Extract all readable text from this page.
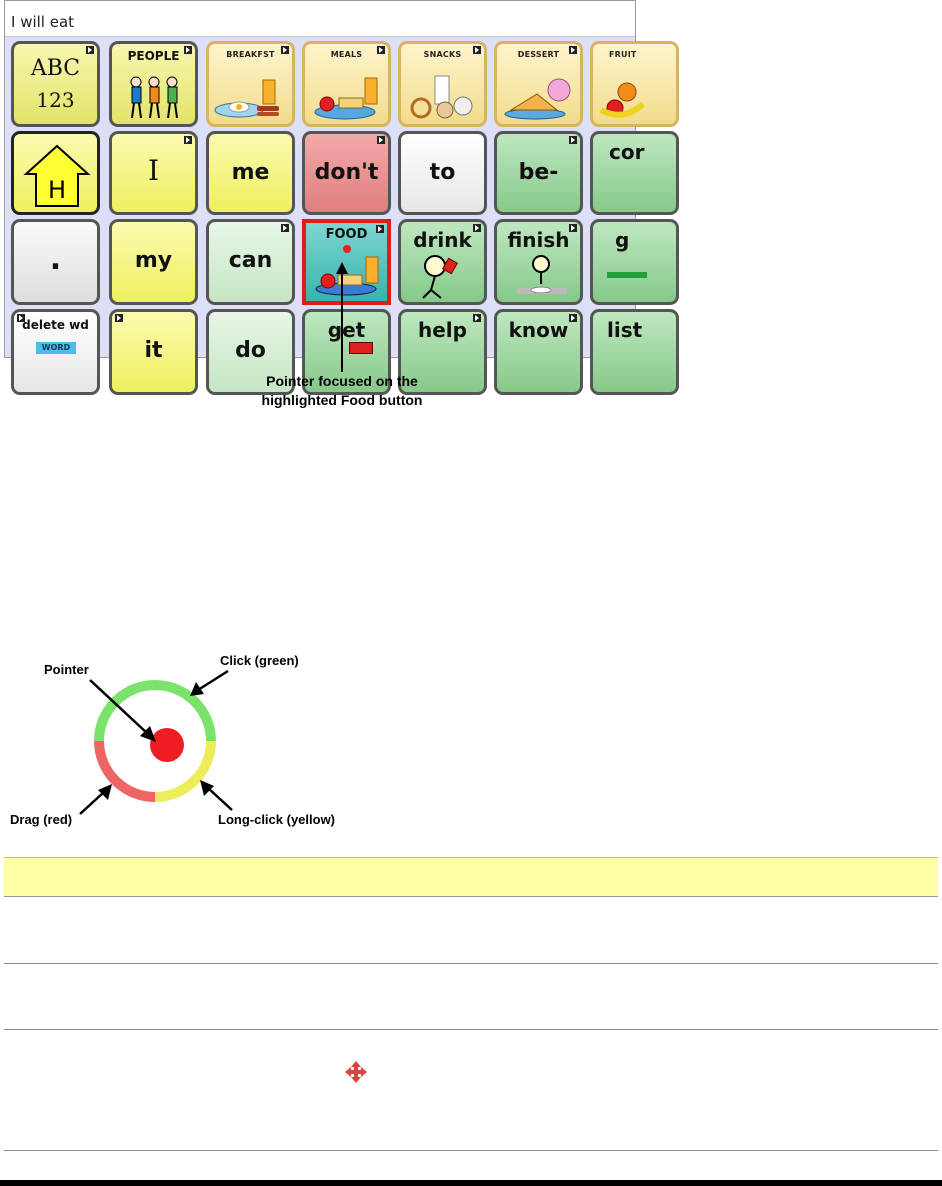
I will eat
ABC
123
PEOPLE	BREAKFST	MEALS	SNACKS	DESSERT	FRUIT
H
I	me	don't	to	be-
cor
.	my	can
FOOD	drink	finish	g
delete wd
WORD	it	do
get	help	know	list
Pointer focused on the
highlighted Food button
Pointer
Click (green)
Drag (red)	Long-click (yellow)
